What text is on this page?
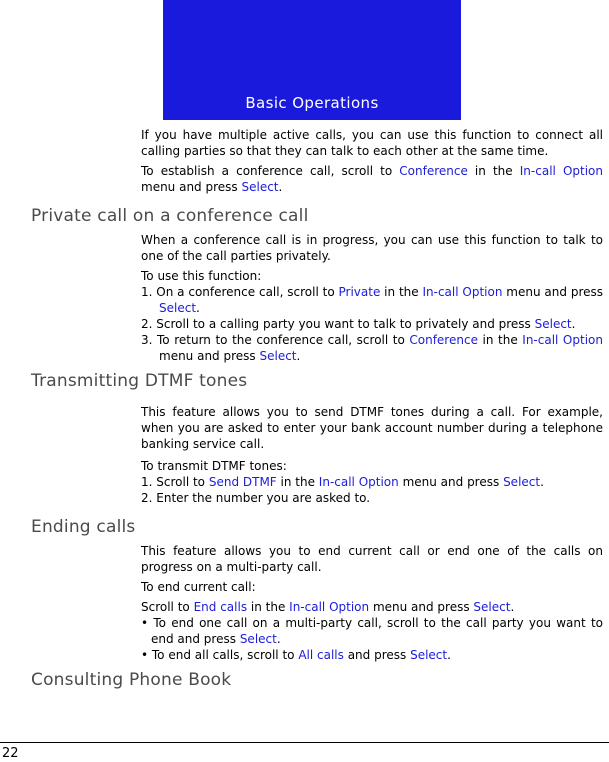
Basic Operations

If you have multiple active calls, you can use this function to connect all calling parties so that they can talk to each other at the same time.

To establish a conference call, scroll to Conference in the In-call Option menu and press Select.

Private call on a conference call

When a conference call is in progress, you can use this function to talk to one of the call parties privately.

To use this function:

1. On a conference call, scroll to Private in the In-call Option menu and press Select.

2. Scroll to a calling party you want to talk to privately and press Select.

3. To return to the conference call, scroll to Conference in the In-call Option menu and press Select.

Transmitting DTMF tones

This feature allows you to send DTMF tones during a call. For example, when you are asked to enter your bank account number during a telephone banking service call.

To transmit DTMF tones:

1. Scroll to Send DTMF in the In-call Option menu and press Select.

2. Enter the number you are asked to.

Ending calls

This feature allows you to end current call or end one of the calls on progress on a multi-party call.

To end current call:

Scroll to End calls in the In-call Option menu and press Select.

• To end one call on a multi-party call, scroll to the call party you want to end and press Select.

• To end all calls, scroll to All calls and press Select.

Consulting Phone Book
22
